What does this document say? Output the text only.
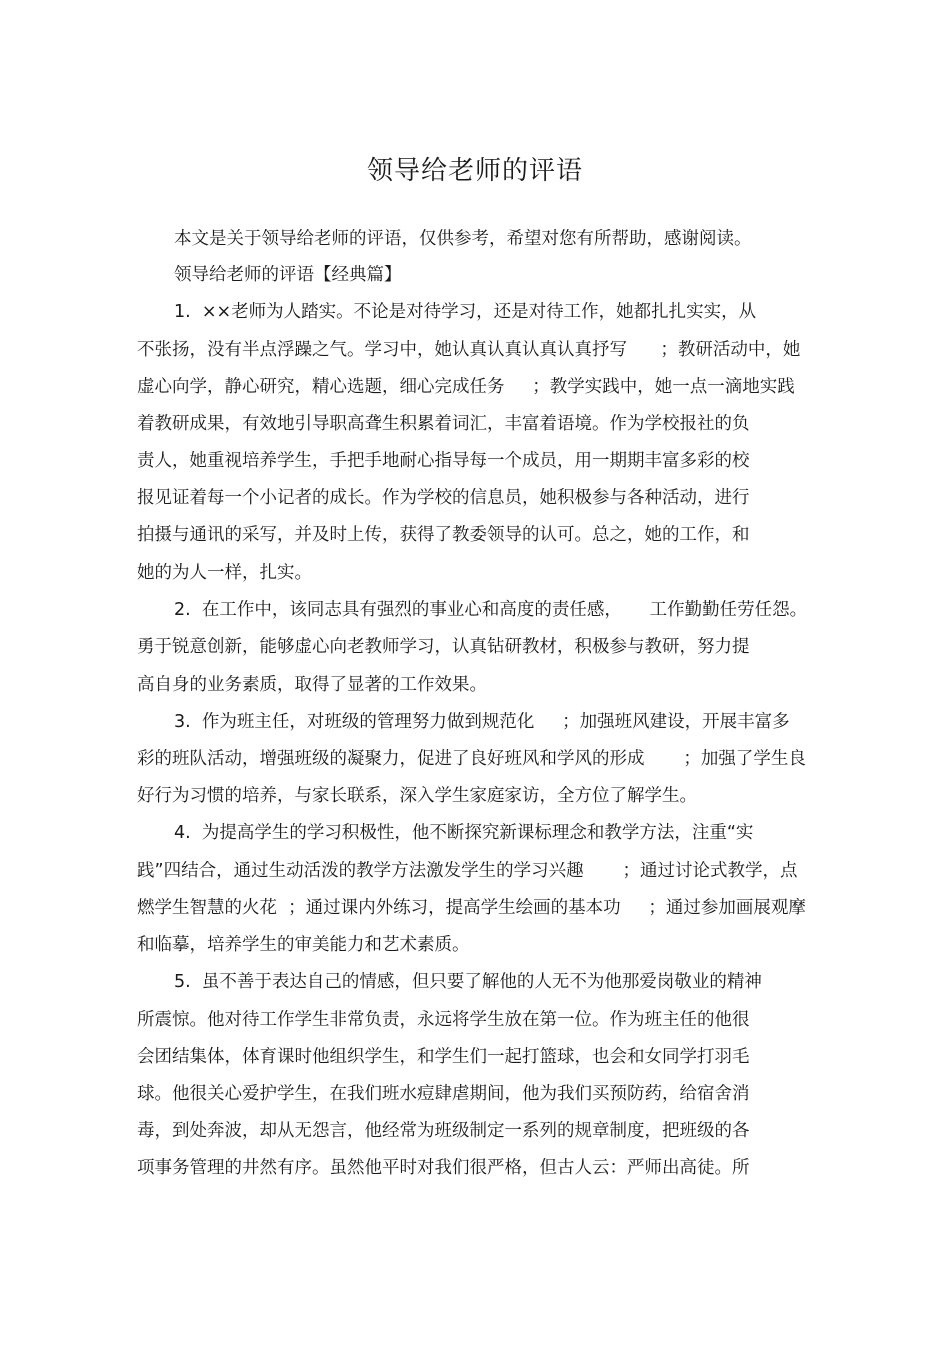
领导给老师的评语

本文是关于领导给老师的评语，仅供参考，希望对您有所帮助，感谢阅读。

领导给老师的评语【经典篇】

1.  ××老师为人踏实。不论是对待学习，还是对待工作，她都扎扎实实，从

不张扬，没有半点浮躁之气。学习中，她认真认真认真认真抒写      ；教研活动中，她

虚心向学，静心研究，精心选题，细心完成任务     ；教学实践中，她一点一滴地实践

着教研成果，有效地引导职高聋生积累着词汇，丰富着语境。作为学校报社的负

责人，她重视培养学生，手把手地耐心指导每一个成员，用一期期丰富多彩的校

报见证着每一个小记者的成长。作为学校的信息员，她积极参与各种活动，进行

拍摄与通讯的采写，并及时上传，获得了教委领导的认可。总之，她的工作，和

她的为人一样，扎实。

2.  在工作中，该同志具有强烈的事业心和高度的责任感，     工作勤勤任劳任怨。

勇于锐意创新，能够虚心向老教师学习，认真钻研教材，积极参与教研，努力提

高自身的业务素质，取得了显著的工作效果。

3.  作为班主任，对班级的管理努力做到规范化     ；加强班风建设，开展丰富多

彩的班队活动，增强班级的凝聚力，促进了良好班风和学风的形成       ；加强了学生良

好行为习惯的培养，与家长联系，深入学生家庭家访，全方位了解学生。

4.  为提高学生的学习积极性，他不断探究新课标理念和教学方法，注重“实

践”四结合，通过生动活泼的教学方法激发学生的学习兴趣       ；通过讨论式教学，点

燃学生智慧的火花  ；通过课内外练习，提高学生绘画的基本功     ；通过参加画展观摩

和临摹，培养学生的审美能力和艺术素质。

5.  虽不善于表达自己的情感，但只要了解他的人无不为他那爱岗敬业的精神

所震惊。他对待工作学生非常负责，永远将学生放在第一位。作为班主任的他很

会团结集体，体育课时他组织学生，和学生们一起打篮球，也会和女同学打羽毛

球。他很关心爱护学生，在我们班水痘肆虐期间，他为我们买预防药，给宿舍消

毒，到处奔波，却从无怨言，他经常为班级制定一系列的规章制度，把班级的各

项事务管理的井然有序。虽然他平时对我们很严格，但古人云：严师出高徒。所
